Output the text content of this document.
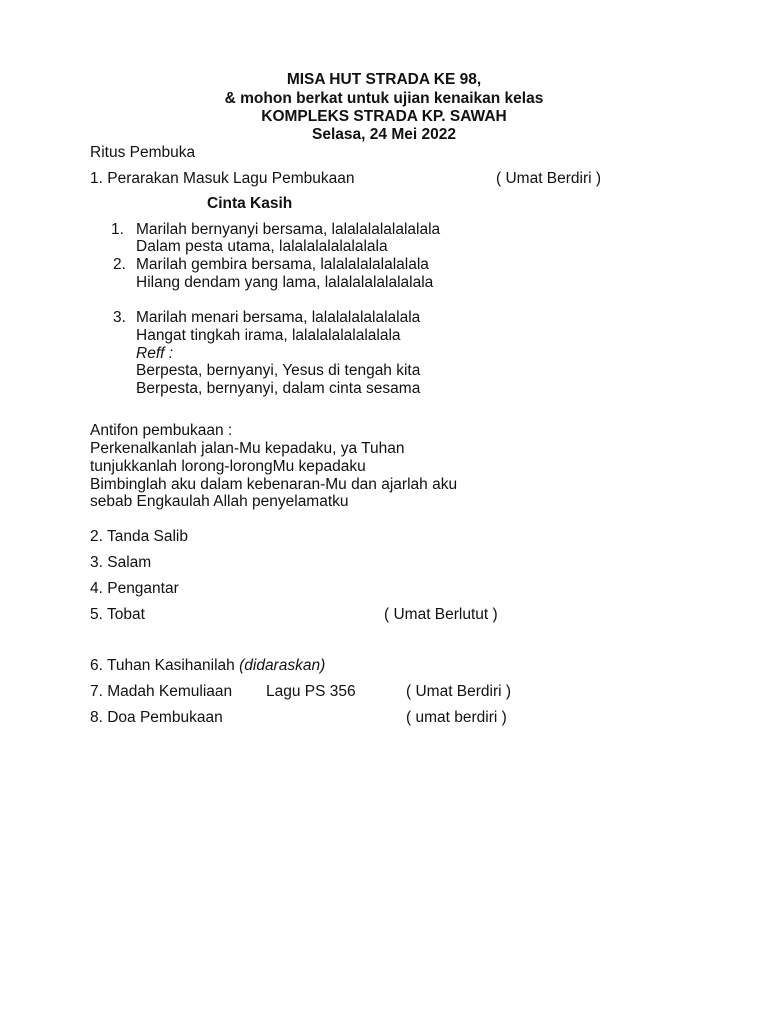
MISA HUT STRADA KE 98,
& mohon berkat untuk ujian kenaikan kelas
KOMPLEKS STRADA KP. SAWAH
Selasa, 24 Mei 2022
Ritus Pembuka
1. Perarakan Masuk Lagu Pembukaan	( Umat Berdiri )
Cinta Kasih
1. Marilah bernyanyi bersama, lalalalalalalalala
Dalam pesta utama, lalalalalalalalala
2. Marilah gembira bersama, lalalalalalalalala
Hilang dendam yang lama, lalalalalalalalala
3. Marilah menari bersama, lalalalalalalalala
Hangat tingkah irama, lalalalalalalalala
Reff :
Berpesta, bernyanyi, Yesus di tengah kita
Berpesta, bernyanyi, dalam cinta sesama
Antifon pembukaan :
Perkenalkanlah jalan-Mu kepadaku, ya Tuhan
tunjukkanlah lorong-lorongMu kepadaku
Bimbinglah aku dalam kebenaran-Mu dan ajarlah aku
sebab Engkaulah Allah penyelamatku
2. Tanda Salib
3. Salam
4. Pengantar
5. Tobat	( Umat Berlutut )
6. Tuhan Kasihanilah (didaraskan)
7. Madah Kemuliaan Lagu PS 356	( Umat Berdiri )
8. Doa Pembukaan	( umat berdiri )
